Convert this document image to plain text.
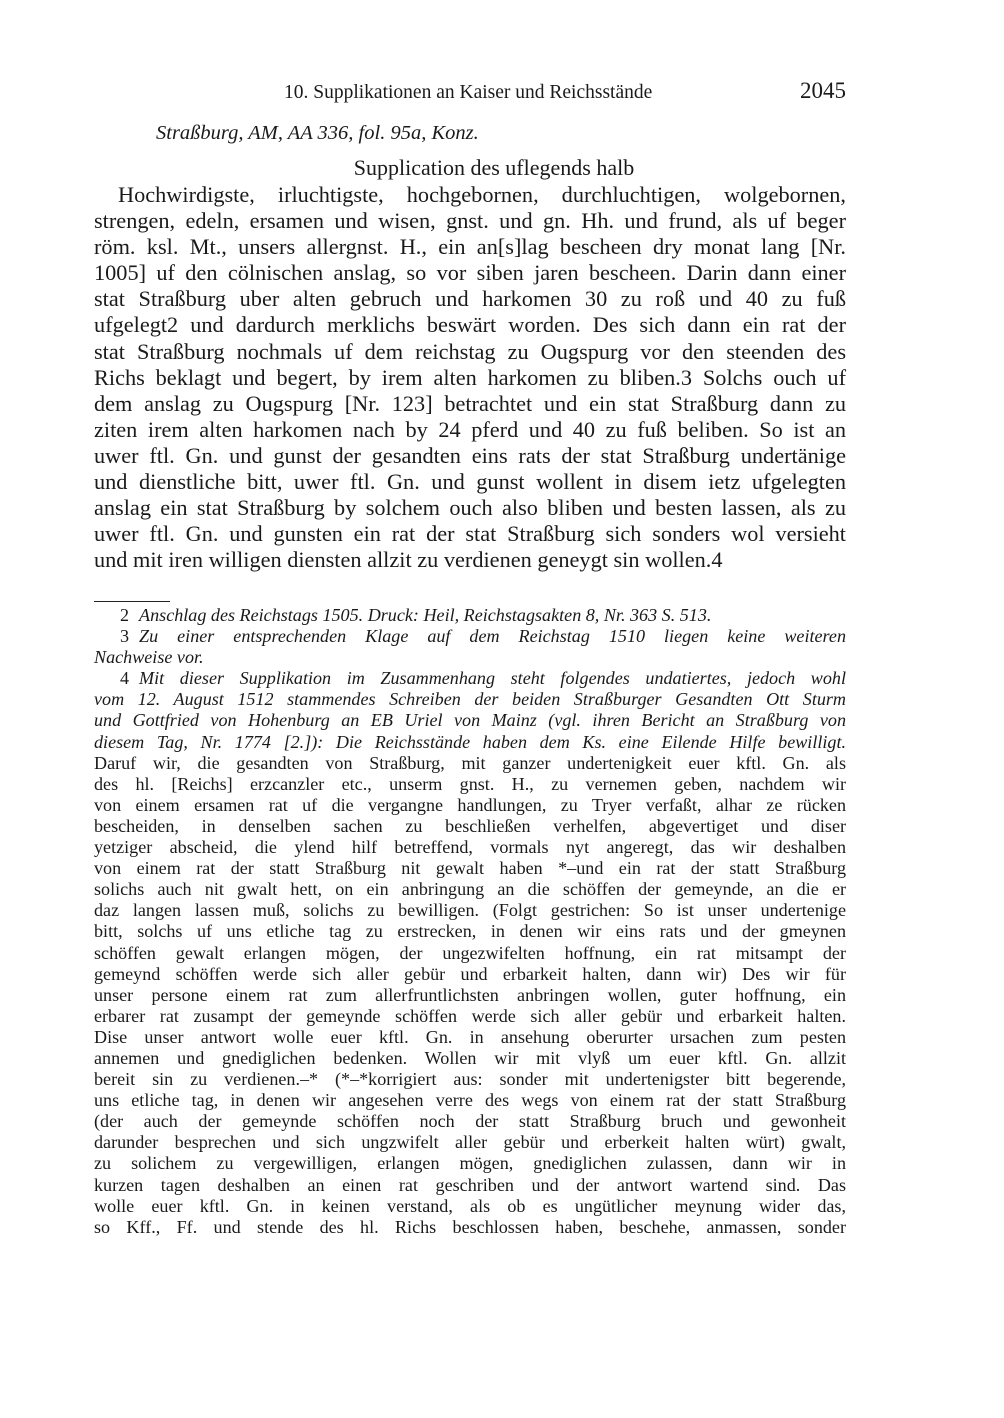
10. Supplikationen an Kaiser und Reichsstände	2045
Straßburg, AM, AA 336, fol. 95a, Konz.
Supplication des uflegends halb
Hochwirdigste, irluchtigste, hochgebornen, durchluchtigen, wolgebornen,
strengen, edeln, ersamen und wisen, gnst. und gn. Hh. und frund, als uf beger
röm. ksl. Mt., unsers allergnst. H., ein an[s]lag bescheen dry monat lang [Nr.
1005] uf den cölnischen anslag, so vor siben jaren bescheen. Darin dann einer
stat Straßburg uber alten gebruch und harkomen 30 zu roß und 40 zu fuß
ufgelegt2 und dardurch merklichs beswärt worden. Des sich dann ein rat der
stat Straßburg nochmals uf dem reichstag zu Ougspurg vor den steenden des
Richs beklagt und begert, by irem alten harkomen zu bliben.3 Solchs ouch uf
dem anslag zu Ougspurg [Nr. 123] betrachtet und ein stat Straßburg dann zu
ziten irem alten harkomen nach by 24 pferd und 40 zu fuß beliben. So ist an
uwer ftl. Gn. und gunst der gesandten eins rats der stat Straßburg undertänige
und dienstliche bitt, uwer ftl. Gn. und gunst wollent in disem ietz ufgelegten
anslag ein stat Straßburg by solchem ouch also bliben und besten lassen, als zu
uwer ftl. Gn. und gunsten ein rat der stat Straßburg sich sonders wol versieht
und mit iren willigen diensten allzit zu verdienen geneygt sin wollen.4
2 Anschlag des Reichstags 1505. Druck: Heil, Reichstagsakten 8, Nr. 363 S. 513.
3 Zu einer entsprechenden Klage auf dem Reichstag 1510 liegen keine weiteren
Nachweise vor.
4 Mit dieser Supplikation im Zusammenhang steht folgendes undatiertes, jedoch wohl
vom 12. August 1512 stammendes Schreiben der beiden Straßburger Gesandten Ott Sturm
und Gottfried von Hohenburg an EB Uriel von Mainz (vgl. ihren Bericht an Straßburg von
diesem Tag, Nr. 1774 [2.]): Die Reichsstände haben dem Ks. eine Eilende Hilfe bewilligt.
Daruf wir, die gesandten von Straßburg, mit ganzer undertenigkeit euer kftl. Gn. als
des hl. [Reichs] erzcanzler etc., unserm gnst. H., zu vernemen geben, nachdem wir
von einem ersamen rat uf die vergangne handlungen, zu Tryer verfaßt, alhar ze rücken
bescheiden, in denselben sachen zu beschließen verhelfen, abgevertiget und diser
yetziger abscheid, die ylend hilf betreffend, vormals nyt angeregt, das wir deshalben
von einem rat der statt Straßburg nit gewalt haben *–und ein rat der statt Straßburg
solichs auch nit gwalt hett, on ein anbringung an die schöffen der gemeynde, an die er
daz langen lassen muß, solichs zu bewilligen. (Folgt gestrichen: So ist unser undertenige
bitt, solchs uf uns etliche tag zu erstrecken, in denen wir eins rats und der gmeynen
schöffen gewalt erlangen mögen, der ungezwifelten hoffnung, ein rat mitsampt der
gemeynd schöffen werde sich aller gebür und erbarkeit halten, dann wir) Des wir für
unser persone einem rat zum allerfruntlichsten anbringen wollen, guter hoffnung, ein
erbarer rat zusampt der gemeynde schöffen werde sich aller gebür und erbarkeit halten.
Dise unser antwort wolle euer kftl. Gn. in ansehung oberurter ursachen zum pesten
annemen und gnediglichen bedenken. Wollen wir mit vlyß um euer kftl. Gn. allzit
bereit sin zu verdienen.–* (*–*korrigiert aus: sonder mit undertenigster bitt begerende,
uns etliche tag, in denen wir angesehen verre des wegs von einem rat der statt Straßburg
(der auch der gemeynde schöffen noch der statt Straßburg bruch und gewonheit
darunder besprechen und sich ungzwifelt aller gebür und erberkeit halten würt) gwalt,
zu solichem zu vergewilligen, erlangen mögen, gnediglichen zulassen, dann wir in
kurzen tagen deshalben an einen rat geschriben und der antwort wartend sind. Das
wolle euer kftl. Gn. in keinen verstand, als ob es ungütlicher meynung wider das,
so Kff., Ff. und stende des hl. Richs beschlossen haben, beschehe, anmassen, sonder
